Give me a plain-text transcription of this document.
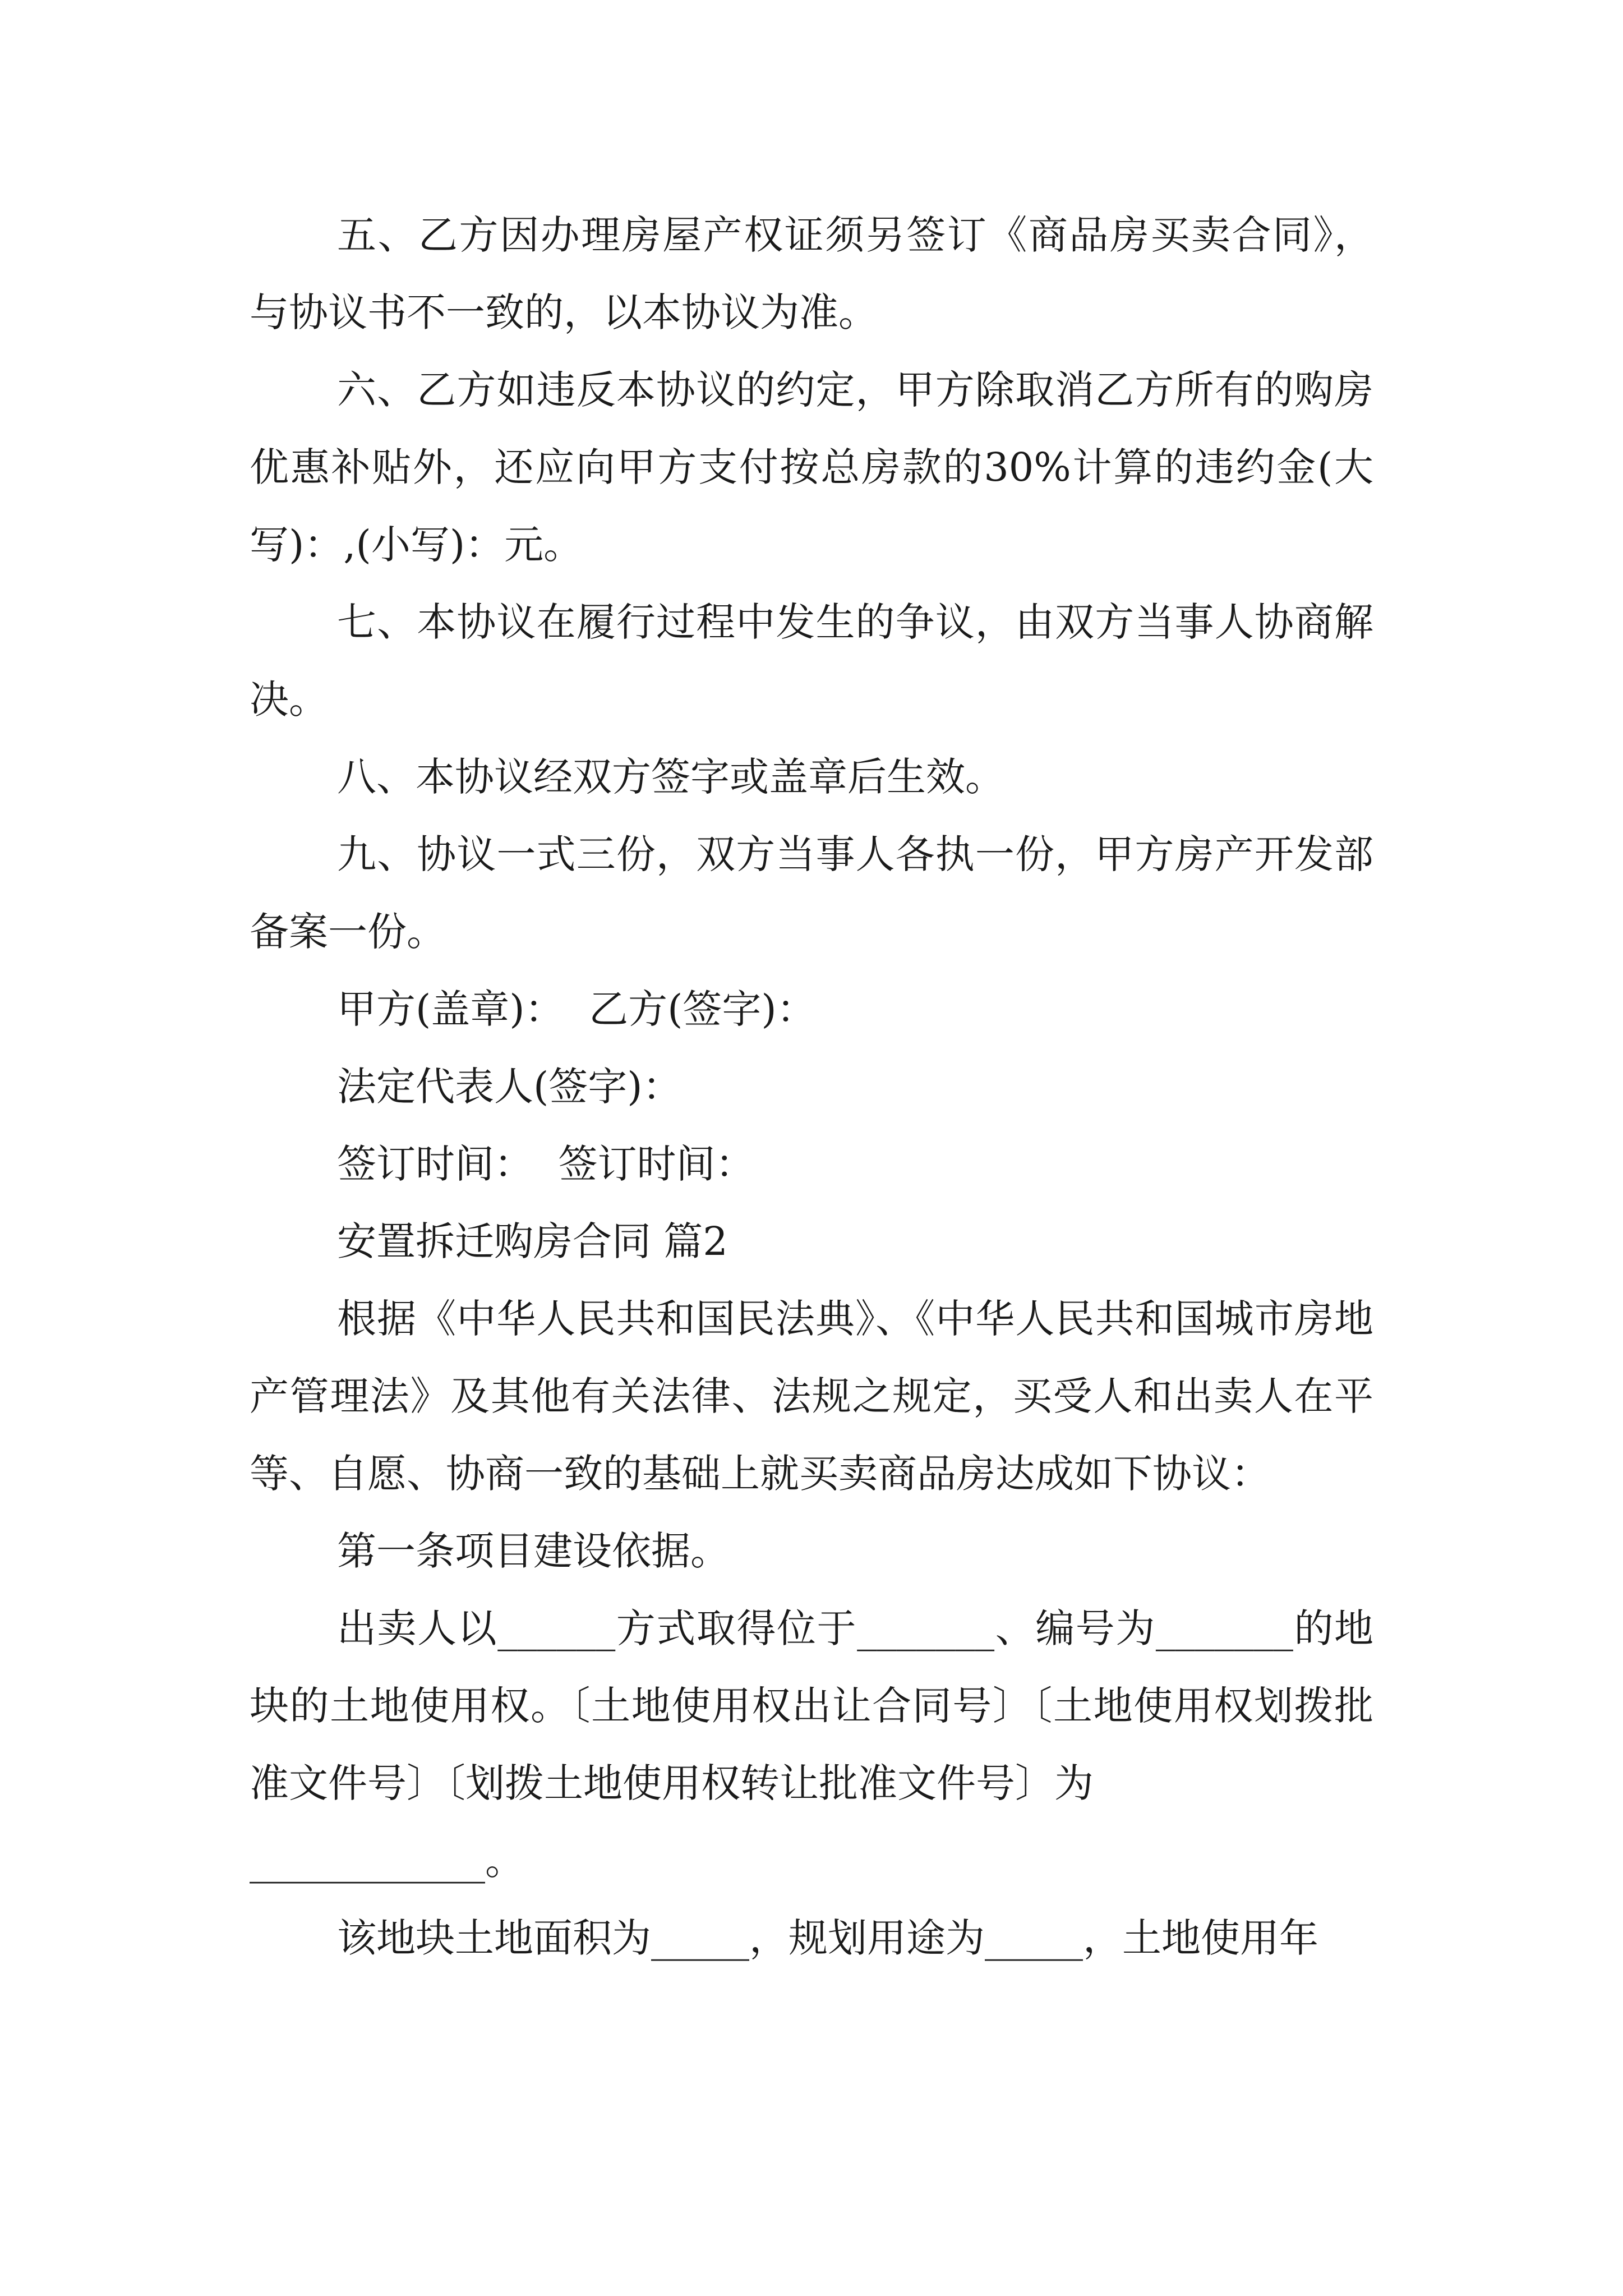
五、乙方因办理房屋产权证须另签订《商品房买卖合同》，与协议书不一致的，以本协议为准。

六、乙方如违反本协议的约定，甲方除取消乙方所有的购房优惠补贴外，还应向甲方支付按总房款的30%计算的违约金(大写)：,(小写)：元。

七、本协议在履行过程中发生的争议，由双方当事人协商解决。

八、本协议经双方签字或盖章后生效。

九、协议一式三份，双方当事人各执一份，甲方房产开发部备案一份。

甲方(盖章)：  乙方(签字)：

法定代表人(签字)：

签订时间：  签订时间：

安置拆迁购房合同 篇2

根据《中华人民共和国民法典》、《中华人民共和国城市房地产管理法》及其他有关法律、法规之规定，买受人和出卖人在平等、自愿、协商一致的基础上就买卖商品房达成如下协议：

第一条项目建设依据。

出卖人以______方式取得位于_______、编号为_______的地块的土地使用权。〔土地使用权出让合同号〕〔土地使用权划拨批准文件号〕〔划拨土地使用权转让批准文件号〕为

____________。

该地块土地面积为_____，规划用途为_____，土地使用年
